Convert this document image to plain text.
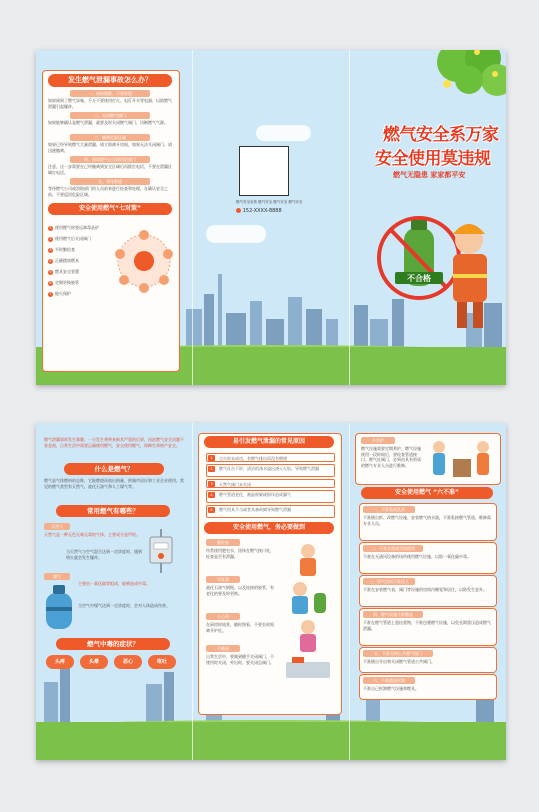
发生燃气泄漏事故怎么办？
一、保持镇静，不要惊慌
如果闻到了燃气异味，千万不要使用打火、电灯开关等电器，以防燃气泄漏引起爆炸。
二、关闭燃气阀门
如果能够确认是燃气泄漏，就要及时关闭燃气阀门，切断燃气气源。
三、撤离危险区域
如果已经导致燃气大量泄漏，请立即离开房间，如果无法关闭阀门，请迅速撤离。
四、通知燃气公司或消防部门
注意，这一步需要在已经撤离到安全区域后再拨打电话，不要在泄漏区域打电话。
五、等待救援
等待燃气公司或消防部门的人员前来进行检查和处理，在确认安全之前，不要返回危险区域。
安全使用燃气“七对策”
1 使用燃气时要远离毒品炉
2 使用燃气后关闭阀门
3 平时勤检查
4 正确摆放燃具
5 燃具安全装置
6 定期更换胶管
7 熄火保护
燃气安全宣传 燃气安全 燃气安全 燃气安全
152-XXXX-8888
燃气安全系万家
安全使用莫违规
燃气无隐患 家家都平安
不合格
燃气泄漏事故发生频繁，一旦发生将带来极其严重的后果，因此燃气安全问题不容忽视，日常生活中需要正确使用燃气，安全使用燃气，保障生命财产安全。
什么是燃气？
燃气是气体燃料的总称，它能燃烧而放出热量，供城市居民和工业企业使用。常见的燃气类型有天然气、液化石油气和人工煤气等。
常用燃气有哪些？
天然气
天然气是一种无色无味无毒的气体，主要成分是甲烷。
当天然气与空气混合达到一定浓度时，遇到明火就会发生爆炸。
煤气
主要由一氧化碳等组成，能够造成中毒。
当空气中煤气达到一定浓度时，会对人体造成伤害。
燃气中毒的症状？
头疼	头晕	恶心	呕吐
易引发燃气泄漏的常见原因
1	点火时未成功，有燃气排出而没有燃烧
2	燃气灶台下时，清洁的汤水溢出浇灭火焰，导致燃气泄漏
3	天然气阀门未关闭
4	燃气管道老化，被鼠咬破或损坏造成漏气
5	燃气用具不当或者具备故障导致燃气泄漏
安全使用燃气，务必要做到
勤检查
经常使用肥皂水，涂抹在燃气接口处，检查是否有泄漏。
早处置
液化石油气钢瓶，以及连接的胶管，有老化的要及时更换。
小心用
在厨房时炖煮，随时照看，不要长时间离开炉灶。
不随意
日常生活中，要做到随手关闭阀门，不使用时关闭，外出时，要关闭总阀门。
多养护
燃气设施需要定期养护，燃气设施使用一段时间后，要检查管道接口，燃气灶阀门，必须由具有资质的燃气专业人员进行维修。
安全使用燃气 “六不准”
一、不准私接乱改
不准擅自拆、改燃气设施、安装燃气热水器，不准私接燃气管道，维修需专业人员。
二、不准在密闭空间使用
不准在无通风设备的场所使用燃气设施，以防一氧化碳中毒。
三、用气房间不准住人
不准在安装燃气表、阀门等设施的房间内睡觉和居住，以防发生意外。
四、燃气设施不准覆盖
不准在燃气管道上悬挂重物，不准包裹燃气设施，以免长期重压造成燃气泄漏。
五、不准关掉公共燃气阀门
不准擅自开启和关闭燃气管道公共阀门。
六、不准随意拆卸
不准自己拆卸燃气设施和燃具。
